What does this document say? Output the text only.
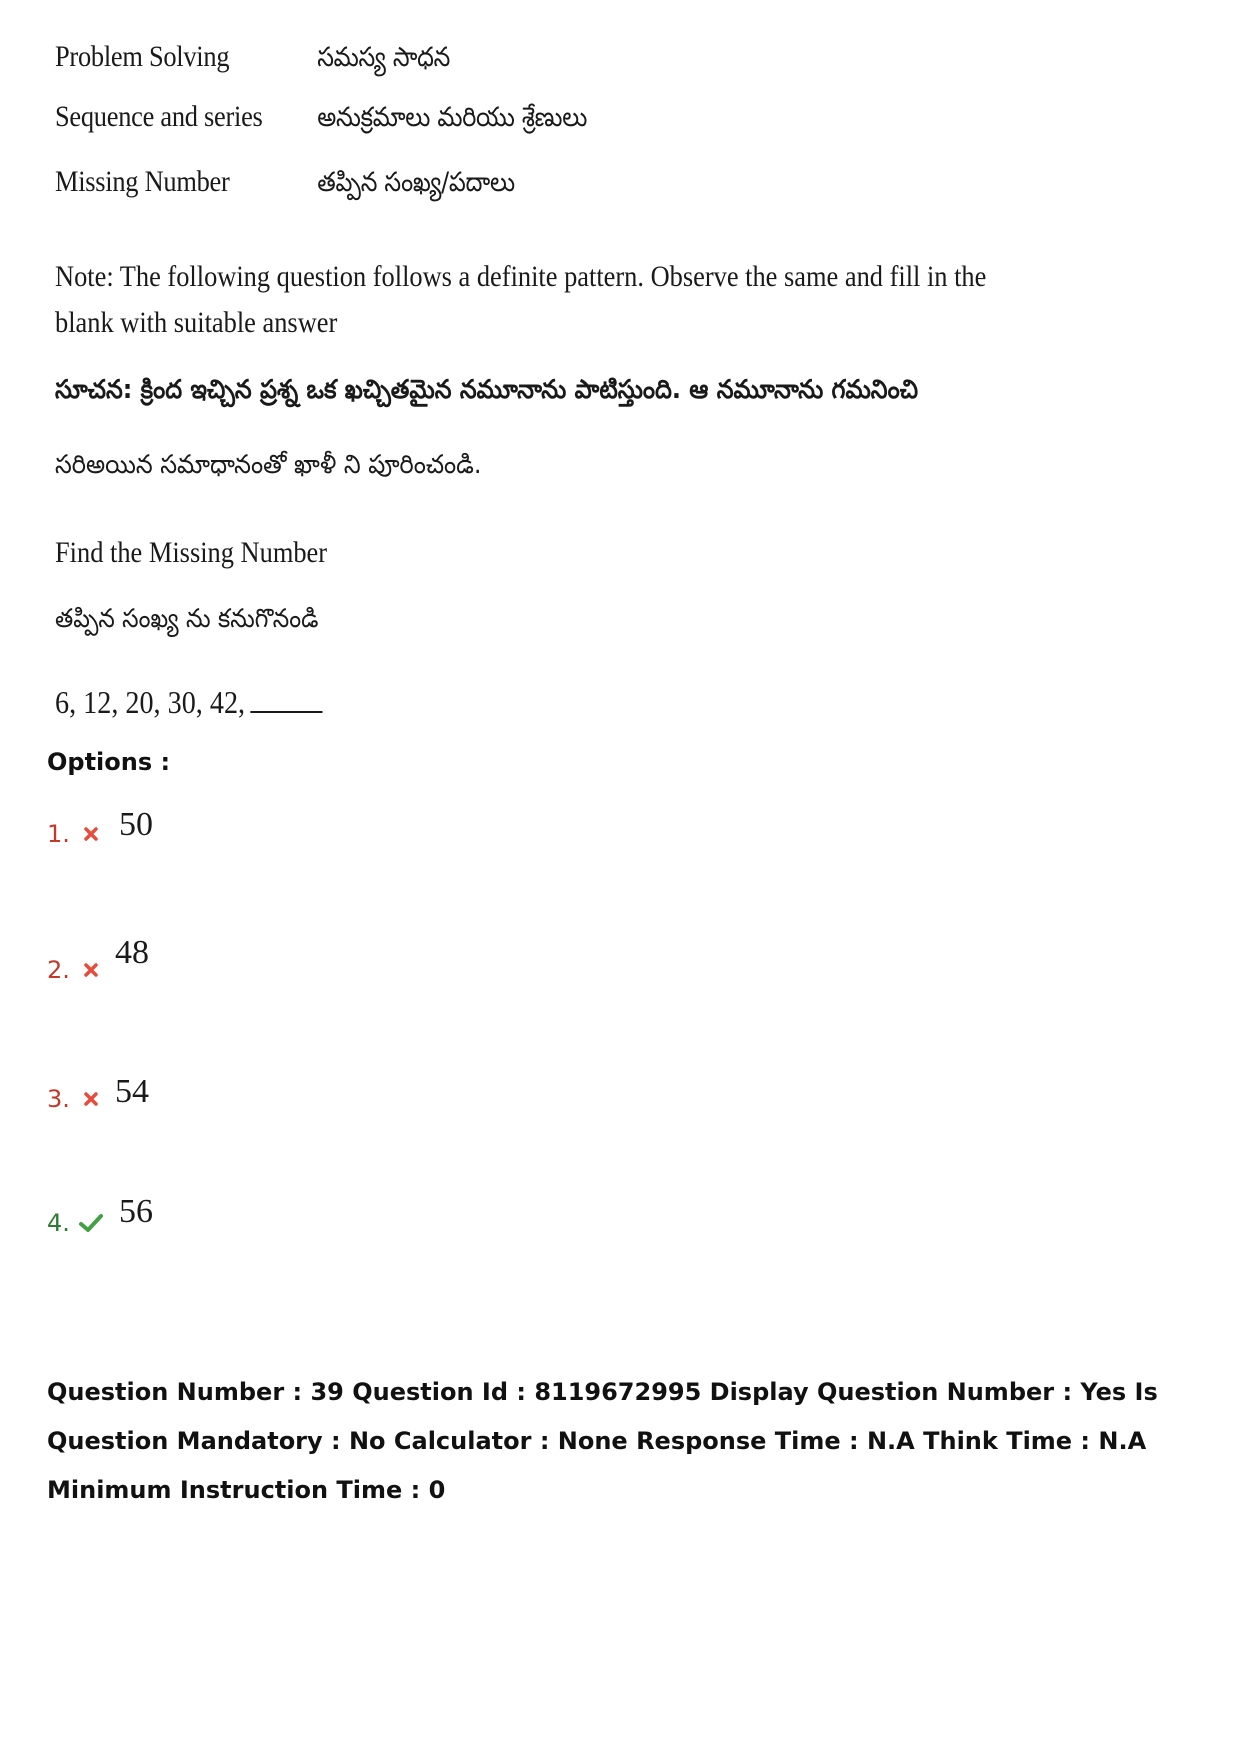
Problem Solving	సమస్య సాధన
Sequence and series	అనుక్రమాలు మరియు శ్రేణులు
Missing Number	తప్పిన సంఖ్య/పదాలు
Note: The following question follows a definite pattern. Observe the same and fill in the
blank with suitable answer
సూచన: క్రింద ఇచ్చిన ప్రశ్న ఒక ఖచ్చితమైన నమూనాను పాటిస్తుంది. ఆ నమూనాను గమనించి
సరిఅయిన సమాధానంతో ఖాళీ ని పూరించండి.
Find the Missing Number
తప్పిన సంఖ్య ను కనుగొనండి
6, 12, 20, 30, 42,
Options :
1. 50
2. 48
3. 54
4. 56
Question Number : 39 Question Id : 8119672995 Display Question Number : Yes Is Question Mandatory : No Calculator : None Response Time : N.A Think Time : N.A Minimum Instruction Time : 0
